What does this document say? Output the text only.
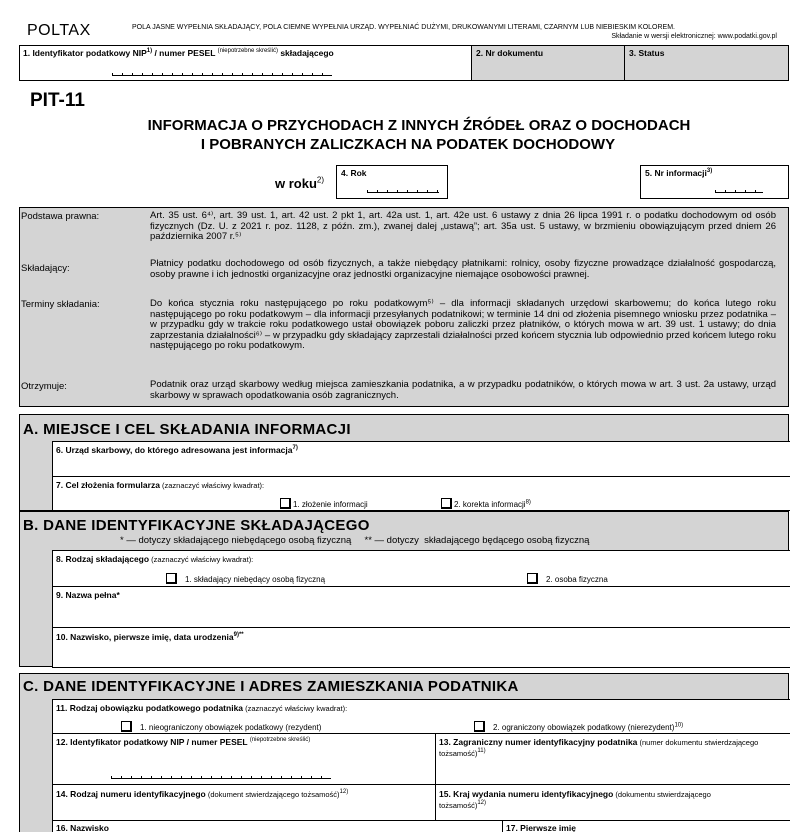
POLTAX	POLA JASNE WYPEŁNIA SKŁADAJĄCY, POLA CIEMNE WYPEŁNIA URZĄD. WYPEŁNIAĆ DUŻYMI, DRUKOWANYMI LITERAMI, CZARNYM LUB NIEBIESKIM KOLOREM.
Składanie w wersji elektronicznej: www.podatki.gov.pl
1. Identyfikator podatkowy NIP$^{1)}$ / numer PESEL $^{(niepotrzebne skreślić)}$ składającego	2. Nr dokumentu	3. Status
PIT-11
INFORMACJA O PRZYCHODACH Z INNYCH ŹRÓDEŁ ORAZ O DOCHODACH
I POBRANYCH ZALICZKACH NA PODATEK DOCHODOWY
w roku$^{2)}$
4. Rok	5. Nr informacji$^{3)}$
Podstawa prawna:	Art. 35 ust. 6⁴⁾, art. 39 ust. 1, art. 42 ust. 2 pkt 1, art. 42a ust. 1, art. 42e ust. 6 ustawy z dnia 26 lipca 1991 r. o podatku dochodowym od osób fizycznych (Dz. U. z 2021 r. poz. 1128, z późn. zm.), zwanej dalej „ustawą”; art. 35a ust. 5 ustawy, w brzmieniu obowiązującym przed dniem 26 października 2007 r.⁵⁾
Składający:	Płatnicy podatku dochodowego od osób fizycznych, a także niebędący płatnikami: rolnicy, osoby fizyczne prowadzące działalność gospodarczą, osoby prawne i ich jednostki organizacyjne oraz jednostki organizacyjne niemające osobowości prawnej.
Terminy składania:	Do końca stycznia roku następującego po roku podatkowym⁵⁾ – dla informacji składanych urzędowi skarbowemu; do końca lutego roku następującego po roku podatkowym – dla informacji przesyłanych podatnikowi; w terminie 14 dni od złożenia pisemnego wniosku przez podatnika – w przypadku gdy w trakcie roku podatkowego ustał obowiązek poboru zaliczki przez płatników, o których mowa w art. 39 ust. 1 ustawy; do dnia zaprzestania działalności⁶⁾ – w przypadku gdy składający zaprzestali działalności przed końcem stycznia lub odpowiednio przed końcem lutego roku następującego po roku podatkowym.
Otrzymuje:	Podatnik oraz urząd skarbowy według miejsca zamieszkania podatnika, a w przypadku podatników, o których mowa w art. 3 ust. 2a ustawy, urząd skarbowy w sprawach opodatkowania osób zagranicznych.
A. MIEJSCE I CEL SKŁADANIA INFORMACJI
6. Urząd skarbowy, do którego adresowana jest informacja$^{7)}$
7. Cel złożenia formularza (zaznaczyć właściwy kwadrat):
1. złożenie informacji	2. korekta informacji$^{8)}$
B. DANE IDENTYFIKACYJNE SKŁADAJĄCEGO
* — dotyczy składającego niebędącego osobą fizyczną     ** — dotyczy  składającego będącego osobą fizyczną
8. Rodzaj składającego (zaznaczyć właściwy kwadrat):
1. składający niebędący osobą fizyczną	2. osoba fizyczna
9. Nazwa pełna*
10. Nazwisko, pierwsze imię, data urodzenia$^{9)**}$
C. DANE IDENTYFIKACYJNE I ADRES ZAMIESZKANIA PODATNIKA
11. Rodzaj obowiązku podatkowego podatnika (zaznaczyć właściwy kwadrat):
1. nieograniczony obowiązek podatkowy (rezydent)	2. ograniczony obowiązek podatkowy (nierezydent)$^{10)}$
12. Identyfikator podatkowy NIP / numer PESEL $^{(niepotrzebne skreślić)}$	13. Zagraniczny numer identyfikacyjny podatnika (numer dokumentu stwierdzającego tożsamość)$^{11)}$
14. Rodzaj numeru identyfikacyjnego (dokument stwierdzającego tożsamość)$^{12)}$	15. Kraj wydania numeru identyfikacyjnego (dokumentu stwierdzającego tożsamość)$^{12)}$
16. Nazwisko	17. Pierwsze imię
